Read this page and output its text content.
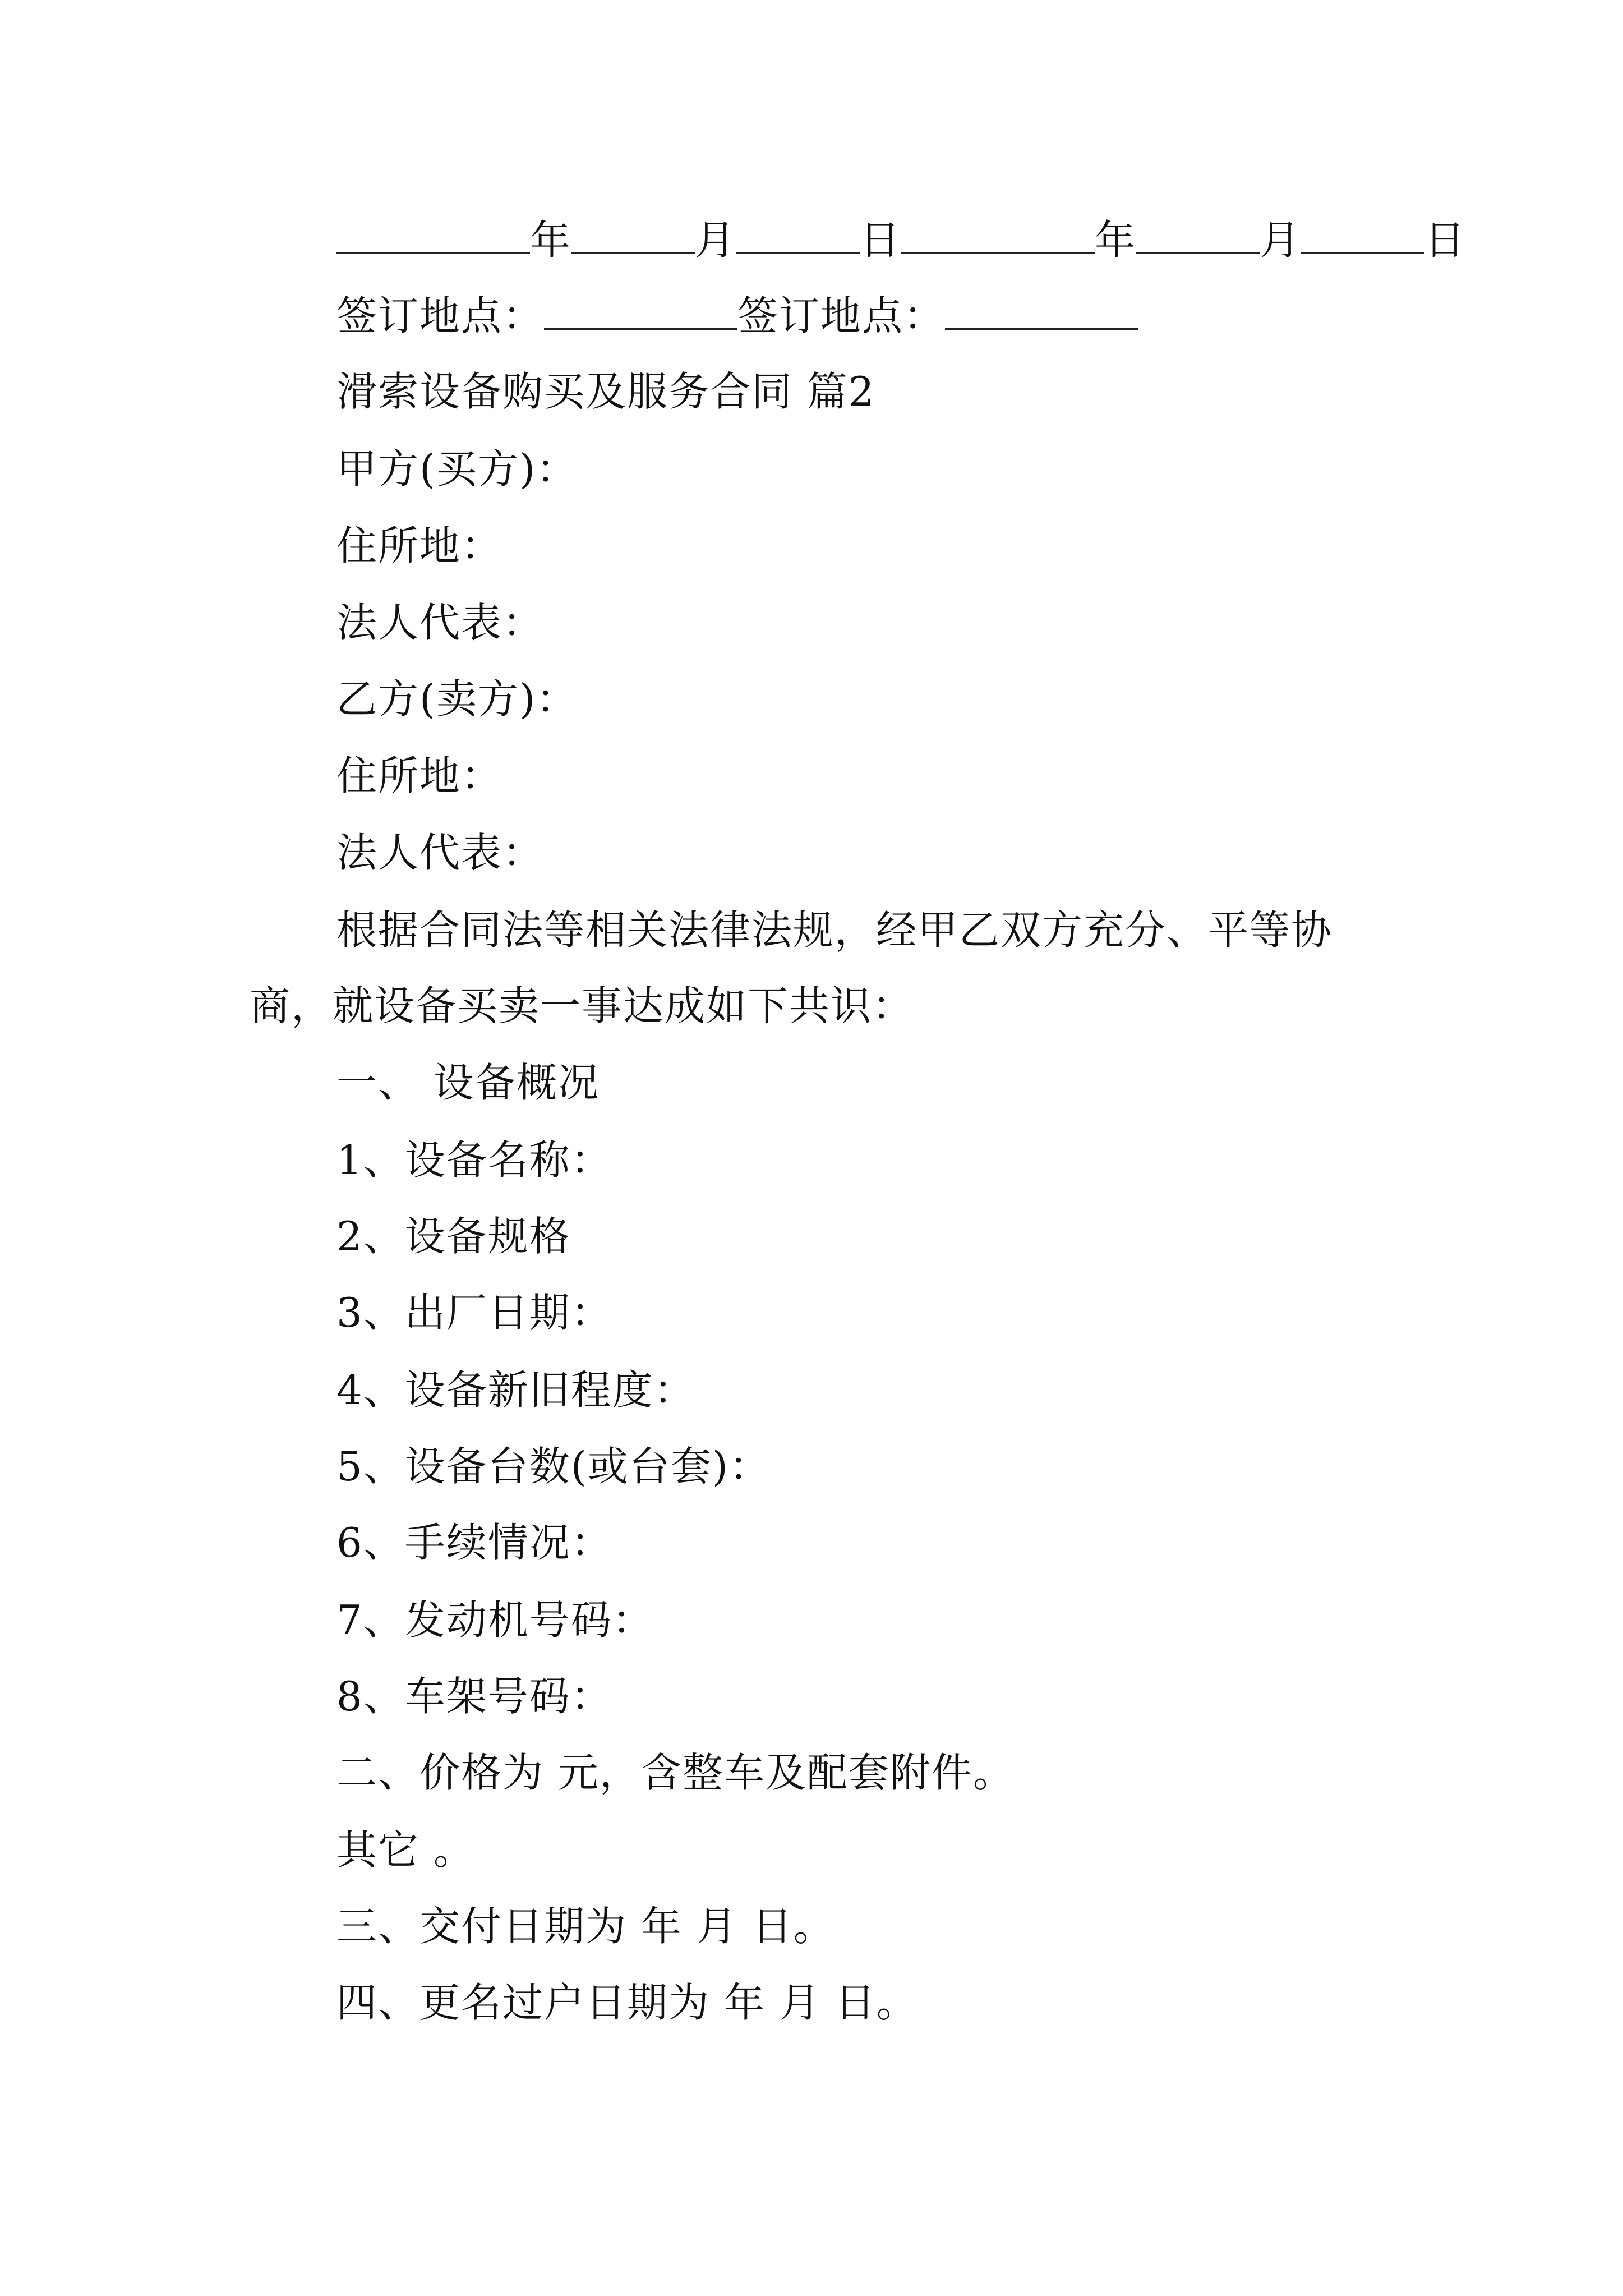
年	月	日	年	月	日
签订地点：	签订地点：
滑索设备购买及服务合同 篇2
甲方(买方)：
住所地：
法人代表：
乙方(卖方)：
住所地：
法人代表：
根据合同法等相关法律法规，经甲乙双方充分、平等协
商，就设备买卖一事达成如下共识：
一、 设备概况
1、设备名称：
2、设备规格
3、出厂日期：
4、设备新旧程度：
5、设备台数(或台套)：
6、手续情况：
7、发动机号码：
8、车架号码：
二、价格为 元，含整车及配套附件。
其它 。
三、交付日期为 年 月 日。
四、更名过户日期为 年 月 日。
